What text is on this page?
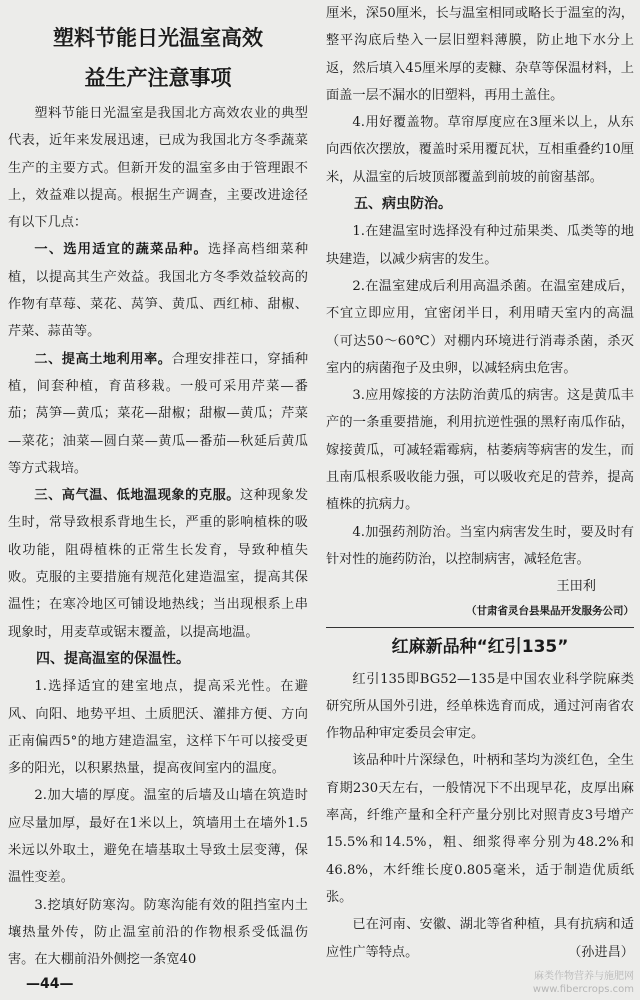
塑料节能日光温室高效
益生产注意事项

塑料节能日光温室是我国北方高效农业的典型代表，近年来发展迅速，已成为我国北方冬季蔬菜生产的主要方式。但新开发的温室多由于管理跟不上，效益难以提高。根据生产调查，主要改进途径有以下几点：

一、选用适宜的蔬菜品种。选择高档细菜种植，以提高其生产效益。我国北方冬季效益较高的作物有草莓、菜花、莴笋、黄瓜、西红柿、甜椒、芹菜、蒜苗等。

二、提高土地利用率。合理安排茬口，穿插种植，间套种植，育苗移栽。一般可采用芹菜—番茄；莴笋—黄瓜；菜花—甜椒；甜椒—黄瓜；芹菜—菜花；油菜—圆白菜—黄瓜—番茄—秋延后黄瓜等方式栽培。

三、高气温、低地温现象的克服。这种现象发生时，常导致根系背地生长，严重的影响植株的吸收功能，阻碍植株的正常生长发育，导致种植失败。克服的主要措施有规范化建造温室，提高其保温性；在寒冷地区可铺设地热线；当出现根系上串现象时，用麦草或锯末覆盖，以提高地温。

四、提高温室的保温性。

1.选择适宜的建室地点，提高采光性。在避风、向阳、地势平坦、土质肥沃、灌排方便、方向正南偏西5°的地方建造温室，这样下午可以接受更多的阳光，以积累热量，提高夜间室内的温度。

2.加大墙的厚度。温室的后墙及山墙在筑造时应尽量加厚，最好在1米以上，筑墙用土在墙外1.5米远以外取土，避免在墙基取土导致土层变薄，保温性变差。

3.挖填好防寒沟。防寒沟能有效的阻挡室内土壤热量外传，防止温室前沿的作物根系受低温伤害。在大棚前沿外侧挖一条宽40

厘米，深50厘米，长与温室相同或略长于温室的沟，整平沟底后垫入一层旧塑料薄膜，防止地下水分上返，然后填入45厘米厚的麦糠、杂草等保温材料，上面盖一层不漏水的旧塑料，再用土盖住。

4.用好覆盖物。草帘厚度应在3厘米以上，从东向西依次摆放，覆盖时采用覆瓦状，互相重叠约10厘米，从温室的后坡顶部覆盖到前坡的前窗基部。

五、病虫防治。

1.在建温室时选择没有种过茄果类、瓜类等的地块建造，以减少病害的发生。

2.在温室建成后利用高温杀菌。在温室建成后，不宜立即应用，宜密闭半日，利用晴天室内的高温（可达50～60℃）对棚内环境进行消毒杀菌，杀灭室内的病菌孢子及虫卵，以减轻病虫危害。

3.应用嫁接的方法防治黄瓜的病害。这是黄瓜丰产的一条重要措施，利用抗逆性强的黑籽南瓜作砧，嫁接黄瓜，可减轻霜霉病，枯萎病等病害的发生，而且南瓜根系吸收能力强，可以吸收充足的营养，提高植株的抗病力。

4.加强药剂防治。当室内病害发生时，要及时有针对性的施药防治，以控制病害，减轻危害。

王田利

（甘肃省灵台县果品开发服务公司）

红麻新品种“红引135”

红引135即BG52—135是中国农业科学院麻类研究所从国外引进，经单株选育而成，通过河南省农作物品种审定委员会审定。

该品种叶片深绿色，叶柄和茎均为淡红色，全生育期230天左右，一般情况下不出现早花，皮厚出麻率高，纤维产量和全秆产量分别比对照青皮3号增产15.5%和14.5%，粗、细浆得率分别为48.2%和46.8%，木纤维长度0.805毫米，适于制造优质纸张。

已在河南、安徽、湖北等省种植，具有抗病和适应性广等特点。	（孙进昌）

—44—	麻类作物营养与施肥网
www.fibercrops.com
